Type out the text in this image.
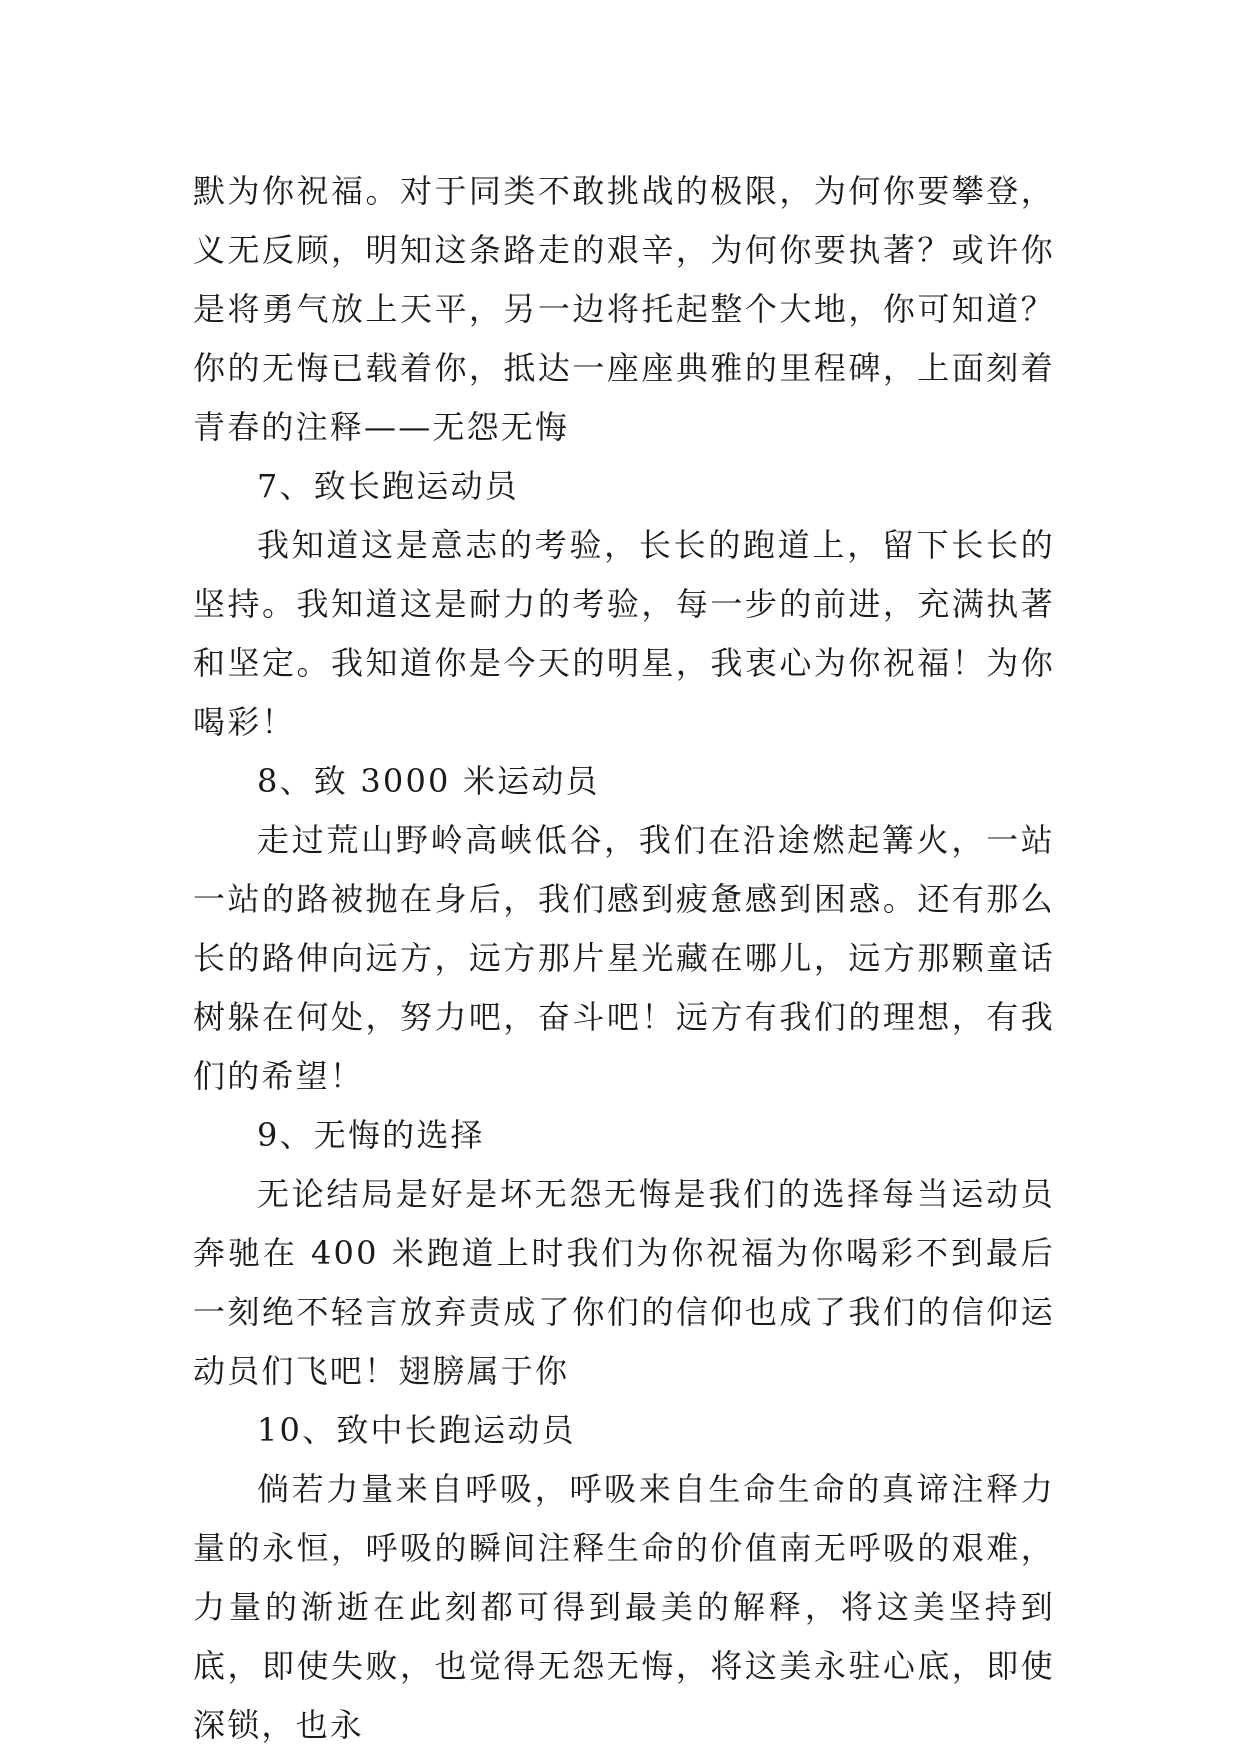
默为你祝福。对于同类不敢挑战的极限，为何你要攀登，义无反顾，明知这条路走的艰辛，为何你要执著？或许你是将勇气放上天平，另一边将托起整个大地，你可知道？你的无悔已载着你，抵达一座座典雅的里程碑，上面刻着青春的注释——无怨无悔

7、致长跑运动员

我知道这是意志的考验，长长的跑道上，留下长长的坚持。我知道这是耐力的考验，每一步的前进，充满执著和坚定。我知道你是今天的明星，我衷心为你祝福！为你喝彩！

8、致 3000 米运动员

走过荒山野岭高峡低谷，我们在沿途燃起篝火，一站一站的路被抛在身后，我们感到疲惫感到困惑。还有那么长的路伸向远方，远方那片星光藏在哪儿，远方那颗童话树躲在何处，努力吧，奋斗吧！远方有我们的理想，有我们的希望！

9、无悔的选择

无论结局是好是坏无怨无悔是我们的选择每当运动员奔驰在 400 米跑道上时我们为你祝福为你喝彩不到最后一刻绝不轻言放弃责成了你们的信仰也成了我们的信仰运动员们飞吧！翅膀属于你

10、致中长跑运动员

倘若力量来自呼吸，呼吸来自生命生命的真谛注释力量的永恒，呼吸的瞬间注释生命的价值南无呼吸的艰难，力量的渐逝在此刻都可得到最美的解释，将这美坚持到底，即使失败，也觉得无怨无悔，将这美永驻心底，即使深锁，也永
